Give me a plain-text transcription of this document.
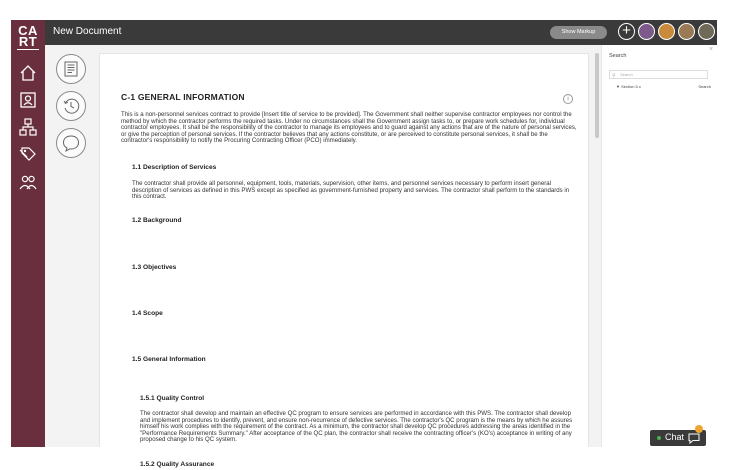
CA
RT
New Document	Show Markup	+
C-1 GENERAL INFORMATION	i
This is a non-personnel services contract to provide [Insert title of service to be provided]. The Government shall neither supervise contractor employees nor control the method by which the contractor performs the required tasks. Under no circumstances shall the Government assign tasks to, or prepare work schedules for, individual contractor employees. It shall be the responsibility of the contractor to manage its employees and to guard against any actions that are of the nature of personal services, or give the perception of personal services. If the contractor believes that any actions constitute, or are perceived to constitute personal services, it shall be the contractor's responsibility to notify the Procuring Contracting Officer (PCO) immediately.
1.1 Description of Services
The contractor shall provide all personnel, equipment, tools, materials, supervision, other items, and personnel services necessary to perform insert general description of services as defined in this PWS except as specified as government-furnished property and services. The contractor shall perform to the standards in this contract.
1.2 Background
1.3 Objectives
1.4 Scope
1.5 General Information
1.5.1 Quality Control
The contractor shall develop and maintain an effective QC program to ensure services are performed in accordance with this PWS. The contractor shall develop and implement procedures to identify, prevent, and ensure non-recurrence of defective services. The contractor's QC program is the means by which he assures himself his work complies with the requirement of the contract. As a minimum, the contractor shall develop QC procedures addressing the areas identified in the "Performance Requirements Summary." After acceptance of the QC plan, the contractor shall receive the contracting officer's (KO's) acceptance in writing of any proposed change to his QC system.
1.5.2 Quality Assurance
×
Search
⚲ Search
▼ Section 5.x	Search
Chat
